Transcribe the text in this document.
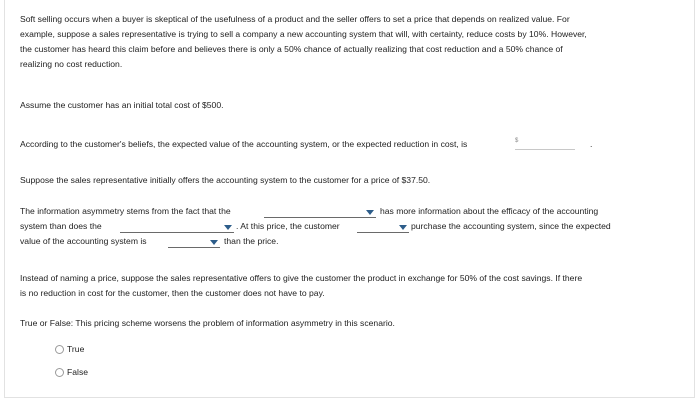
Soft selling occurs when a buyer is skeptical of the usefulness of a product and the seller offers to set a price that depends on realized value. For
example, suppose a sales representative is trying to sell a company a new accounting system that will, with certainty, reduce costs by 10%. However,
the customer has heard this claim before and believes there is only a 50% chance of actually realizing that cost reduction and a 50% chance of
realizing no cost reduction.
Assume the customer has an initial total cost of $500.
According to the customer's beliefs, the expected value of the accounting system, or the expected reduction in cost, is	$	.
Suppose the sales representative initially offers the accounting system to the customer for a price of $37.50.
The information asymmetry stems from the fact that the	has more information about the efficacy of the accounting
system than does the	. At this price, the customer	purchase the accounting system, since the expected
value of the accounting system is	than the price.
Instead of naming a price, suppose the sales representative offers to give the customer the product in exchange for 50% of the cost savings. If there
is no reduction in cost for the customer, then the customer does not have to pay.
True or False: This pricing scheme worsens the problem of information asymmetry in this scenario.
True
False
